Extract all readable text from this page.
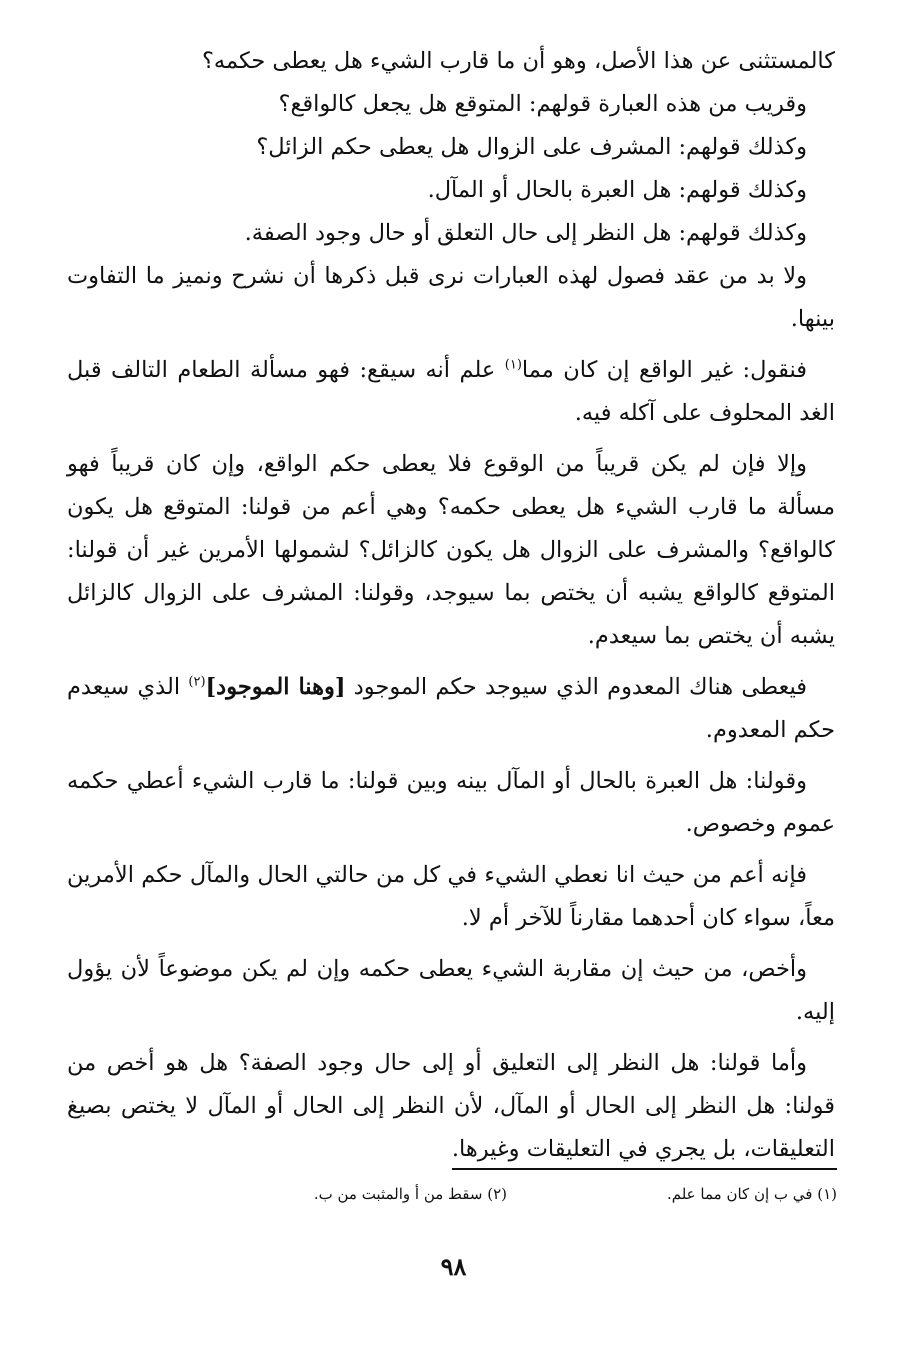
كالمستثنى عن هذا الأصل، وهو أن ما قارب الشيء هل يعطى حكمه؟

وقريب من هذه العبارة قولهم: المتوقع هل يجعل كالواقع؟

وكذلك قولهم: المشرف على الزوال هل يعطى حكم الزائل؟

وكذلك قولهم: هل العبرة بالحال أو المآل.

وكذلك قولهم: هل النظر إلى حال التعلق أو حال وجود الصفة.

ولا بد من عقد فصول لهذه العبارات نرى قبل ذكرها أن نشرح ونميز ما التفاوت بينها.

فنقول: غير الواقع إن كان مما$^{(١)}$ علم أنه سيقع: فهو مسألة الطعام التالف قبل الغد المحلوف على آكله فيه.

وإلا فإن لم يكن قريباً من الوقوع فلا يعطى حكم الواقع، وإن كان قريباً فهو مسألة ما قارب الشيء هل يعطى حكمه؟ وهي أعم من قولنا: المتوقع هل يكون كالواقع؟ والمشرف على الزوال هل يكون كالزائل؟ لشمولها الأمرين غير أن قولنا: المتوقع كالواقع يشبه أن يختص بما سيوجد، وقولنا: المشرف على الزوال كالزائل يشبه أن يختص بما سيعدم.

فيعطى هناك المعدوم الذي سيوجد حكم الموجود [وهنا الموجود]$^{(٢)}$ الذي سيعدم حكم المعدوم.

وقولنا: هل العبرة بالحال أو المآل بينه وبين قولنا: ما قارب الشيء أعطي حكمه عموم وخصوص.

فإنه أعم من حيث انا نعطي الشيء في كل من حالتي الحال والمآل حكم الأمرين معاً، سواء كان أحدهما مقارناً للآخر أم لا.

وأخص، من حيث إن مقاربة الشيء يعطى حكمه وإن لم يكن موضوعاً لأن يؤول إليه.

وأما قولنا: هل النظر إلى التعليق أو إلى حال وجود الصفة؟ هل هو أخص من قولنا: هل النظر إلى الحال أو المآل، لأن النظر إلى الحال أو المآل لا يختص بصيغ التعليقات، بل يجري في التعليقات وغيرها.

(١) في ب إن كان مما علم.
(٢) سقط من أ والمثبت من ب.
٩٨
